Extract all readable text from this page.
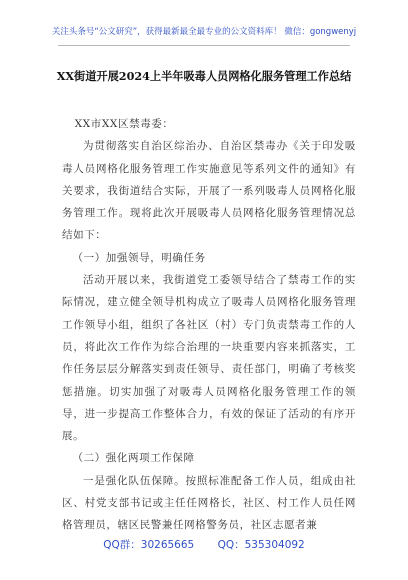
关注头条号“公文研究”，获得最新最全最专业的公文资料库！ 微信：gongwenyj
XX街道开展2024上半年吸毒人员网格化服务管理工作总结

XX市XX区禁毒委：

为贯彻落实自治区综治办、自治区禁毒办《关于印发吸毒人员网格化服务管理工作实施意见等系列文件的通知》有关要求，我街道结合实际，开展了一系列吸毒人员网格化服务管理工作。现将此次开展吸毒人员网格化服务管理情况总结如下：

（一）加强领导，明确任务

活动开展以来，我街道党工委领导结合了禁毒工作的实际情况，建立健全领导机构成立了吸毒人员网格化服务管理工作领导小组，组织了各社区（村）专门负责禁毒工作的人员，将此次工作作为综合治理的一块重要内容来抓落实，工作任务层层分解落实到责任领导、责任部门，明确了考核奖惩措施。切实加强了对吸毒人员网格化服务管理工作的领导，进一步提高工作整体合力，有效的保证了活动的有序开展。

（二）强化两项工作保障

一是强化队伍保障。按照标准配备工作人员，组成由社区、村党支部书记或主任任网格长，社区、村工作人员任网格管理员，辖区民警兼任网格警务员，社区志愿者兼

QQ群：30265665 QQ：535304092
